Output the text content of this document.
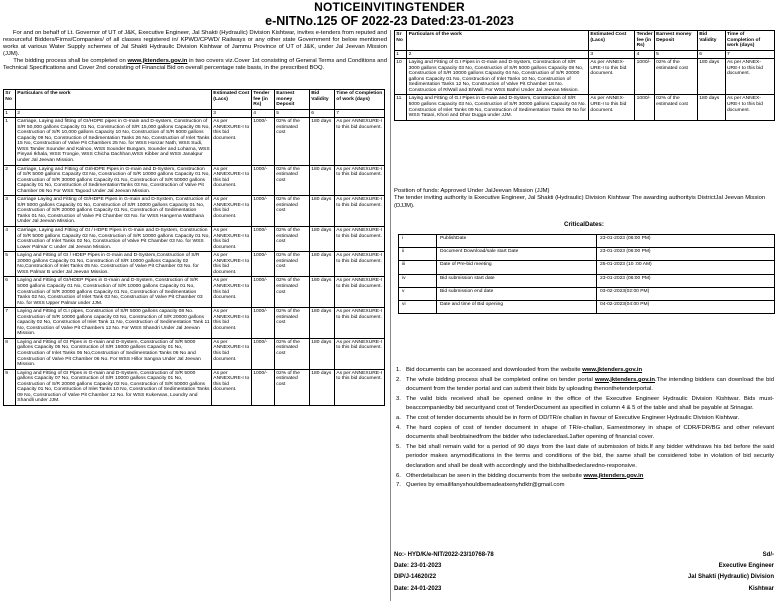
NOTICEINVITINGTENDER
e-NITNo.125 OF 2022-23 Dated:23-01-2023

For and on behalf of Lt. Governor of UT of J&K, Executive Engineer, Jal Shakti (Hydraulic) Division Kishtwar, invites e-tenders from reputed and resourceful Bidders/Firms/Companies/ of all classes registered in/ KPWD/CPWD/ Railways or any other state Government for below mentioned works at various Water Supply schemes of Jal Shakti Hydraulic Division Kishtwar of Jammu Province of UT of J&K, under Jal Jeevan Mission (JJM).

The bidding process shall be completed on www.jktenders.gov.in in two covers viz.Cover 1st consisting of General Terms and Conditions and Technical Specifications and Cover 2nd consisting of Financial Bid on overall percentage rate basis, in the prescribed BOQ.

Sr No	Particulars of the work	Estimated Cost (Lacs)	Tender fee (in Rs)	Earnest money Deposit	Bid Validity	Time of Completion of work (days)
1	2	3	4	5	6	7
1	Carriage, Laying and fitting of GI/HDPE pipes in G-main and D-system, Construction of S/R 50,000 gallons Capacity 01 No, Construction of S/R 15,000 gallons Capacity 05 No, Construction of S/R 10,000 gallons Capacity 10 No, Construction of S/R 5000 gallons Capacity 09 No, Construction of Sedimentation Tanks 26 No, Construction of Inlet Tanks 15 No, Construction of Valve Pit Chambers 25 No. for WSS Honzar Nath, WSS Sudi, WSS Tander Sounder and Kalnoo, WSS Sounder Bungam, Sounder and Loharna, WSS Pinyari Ikhala, WSS Trongie, WSS Chicha Dachhan,WSS Kibber and WSS Janakpur under Jal Jeevan Mission.	As per ANNEXURE-I to this bid document.	1000/-	02% of the estimated cost	180 days	As per ANNEXURE-I to this bid document.
2	Carriage, Laying and Fitting of GI/HDPE Pipes in G-main and D-System, Construction of S/R 5000 gallons Capacity 03 No, Construction of S/R 10000 gallons Capacity 01 No, Construction of S/R 30000 gallons Capacity 01 No, Construction of S/R 50000 gallons Capacity 01 No, Construction of SedimentationTanks 03 No, Construction of Valve Pit Chamber 06 No For WSS Tagood Under Jal Jeevan Mission.	As per ANNEXURE-I to this bid document.	1000/-	02% of the estimated cost	180 days	As per ANNEXURE-I to this bid document.
3	Carriage Laying and Fitting of GI/HDPE Pipes in G-main and D-System, Construction of S/R 5000 gallons Capacity 01 No, Construction of S/R 10000 gallons Capacity 01 No, Construction of S/R 20000 gallons Capacity 01 No, Construction of Sedimentation Tanks 01 No, Construction of Valve Pit Chamber 03 No. for WSS Hangerna Watthana Under Jal Jeevan Mission.	As per ANNEXURE-I to this bid document.	1000/-	02% of the estimated cost	180 days	As per ANNEXURE-I to this bid document.
4	Carriage, Laying and Fitting of GI / HDPE Pipes in G-main and D-System, Construction of S/R 5000 gallons Capacity 02 No, Construction of S/R 10000 gallons Capacity 01 No, Construction of Inlet Tanks 02 No, Construction of Valve Pit Chamber 03 No. for WSS Lower Palmar C under Jal Jeevan Mission.	As per ANNEXURE-I to this bid document.	1000/-	02% of the estimated cost	180 days	As per ANNEXURE-I to this bid document.
5	Laying and Fitting of GI / HDEP Pipes in G-main and D-System,Construction of S/R 20000 gallons Capacity 01 No, Construction of S/R 10000 gallons Capacity 02 No,Construction of Inlet Tanks 05 No. Construction of Valve Pit Chamber 03 No. for WSS Palmar B under Jal Jeevan Mission.	As per ANNEXURE-I to this bid document.	1000/-	02% of the estimated cost	180 days	As per ANNEXURE-I to this bid document.
6	Laying and Fitting of GI/HDEP Pipes in G-main and D-System, Construction of S/R 5000 gallons Capacity 01 No, Construction of S/R 10000 gallons Capacity 01 No, Construction of S/R 20000 gallons Capacity 01 No, Construction of Sedimentation Tanks 02 No, Construction of Inlet Tank 03 No, Construction of Valve Pit Chamber 03 No. for WSS Upper Palmar under JJM.	As per ANNEXURE-I to this bid document.	1000/-	02% of the estimated cost	180 days	As per ANNEXURE-I to this bid document.
7	Laying and Fitting of G.I pipes, Construction of S/R 5000 gallons capacity 08 No. Construction of S/R 10000 gallons capacity 03 No, Construction of S/R 20000 gallons capacity 02 No, Construction of Inlet Tank 11 No, Construction of Sedimentation Tank 11 No, Construction of Valve Pit Chambers 12 No. For WSS Shandri Under Jal Jeevan Mission.	As per ANNEXURE-I to this bid document.	1000/-	02% of the estimated cost	180 days	As per ANNEXURE-I to this bid document.
8	Laying and Fitting of GI Pipes in G-main and D-System, Construction of S/R 5000 gallons Capacity 05 No, Construction of S/R 15000 gallons Capacity 01 No, Construction of Inlet Tanks 06 No,Construction of Sedimentation Tanks 06 No and Construction of Valve Pit Chamber 06 No. For WSS Hillor Sangna Under Jal Jeevan Mission.	As per ANNEXURE-I to this bid document.	1000/-	02% of the estimated cost	180 days	As per ANNEXURE-I to this bid document.
9	Laying and Fitting of GI Pipes in G-main and D-System, Construction of S/R 5000 gallons Capacity 07 No, Construction of S/R 10000 gallons Capacity 01 No, Construction of S/R 20000 gallons Capacity 02 No, Construction of S/R 50000 gallons Capacity 01 No, Construction of Inlet Tanks 10 No, Construction of Sedimentation Tanks 09 No, Construction of Valve Pit Chamber 12 No. for WSS Kukerwas, Loundry and Shandli under JJM.	As per ANNEXURE-I to this bid document.	1000/-	02% of the estimated cost	180 days	As per ANNEXURE-I to this bid document.
Sr No	Particulars of the work	Estimated Cost (Lacs)	Tender fee (in Rs)	Earnest money Deposit	Bid Validity	Time of Completion of work (days)
1	2	3	4	5	6	7
10	Laying and Fitting of G.I Pipes in G-main and D-System, Construction of S/R 3000 gallons Capacity 03 No, Construction of S/R 5000 gallons Capacity 08 No, Construction of S/R 10000 gallons Capacity 04 No, Construction of S/R 20000 gallons Capacity 01 No, Construction of Inlet Tanks 10 No, Construction of Sedimentation Tanks 12 No, Construction of Valve Pit Chamber 18 No. Construction of R/Wall and B/Wall. For WSS Bathri Under Jal Jeevan Mission.	As per ANNEX-URE-I to this bid document.	1000/-	02% of the estimated cost	180 days	As per ANNEX-URE-I to this bid document.
11	Laying and Fitting of G.I Pipes in G-main and D-System, Construction of S/R 5000 gallons Capacity 03 No, Construction of S/R 30000 gallons Capacity 04 No. Construction of Inlet Tanks 09 No, Construction of Sedimentation Tanks 09 No for WSS Tatani, Khori and Dhar Dugga under JJM.	As per ANNEX-URE-I to this bid document.	1000/-	02% of the estimated cost	180 days	As per ANNEX-URE-I to this bid document.

Position of funds: Approved Under JalJeevan Mission (JJM)

The tender inviting authority is Executive Engineer, Jal Shakti (Hydraulic) Division Kishtwar The awarding authorityis DistrictJal Jeevan Mission (DJJM).

CriticalDates:
i	PublishDate	23-01-2023 (06:00 PM)
ii	Document Download/sale start Date	23-01-2023 (06:00 PM)
iii	Date of Pre-bid meeting	25-01-2023 (10 :00 AM)
iv	Bid submission start date	23-01-2023 (06:00 PM)
v	Bid submission end date	03-02-2023(02:00 PM)
vi	Date and time of Bid opening	04-02-2023(04:00 PM)
1. Bid documents can be accessed and downloaded from the website www.jktenders.gov.in
2. The whole bidding process shall be completed online on tender portal www.jktenders.gov.in.The intending bidders can download the bid document from the tender portal and can submit their bids by uploading thenonthetenderportal.
3. The valid bids received shall be opened online in the office of the Executive Engineer Hydraulic Division Kishtwar. Bids must-beaccompaniedby bid securityand cost of TenderDocument as specified in column 4 & 5 of the table and shall be payable at Srinagar.
a. The cost of tender documents should be in form of DD/TR/e challan in favour of Executive Engineer Hydraulic Division Kishtwar.
4. The hard copies of cost of tender document in shape of TR/e-challan, Earnestmoney in shape of CDR/FDR/BG and other relevant documents shall beobtainedfrom the bidder who isdeclaredasL1after opening of financial cover.
5. The bid shall remain valid for a period of 90 days from the last date of submission of bids.If any bidder withdraws his bid before the said periodor makes anymodifications in the terms and conditions of the bid, the same shall be considered tobe in violation of bid security declaration and shall be dealt with accordingly and the bidshallbedeclaredno-responsive.
6. Otherdetailscan be seen in the bidding documents from the website www.jktenders.gov.in
7. Queries by emailifanyshouldbemadeatxenyhdktr@gmail.com
No:- HYD/K/e-NIT/2022-23/10768-78	Sd/-
Date: 23-01-2023	Executive Engineer
DIP/J-14620/22	Jal Shakti (Hydraulic) Division
Date: 24-01-2023	Kishtwar
